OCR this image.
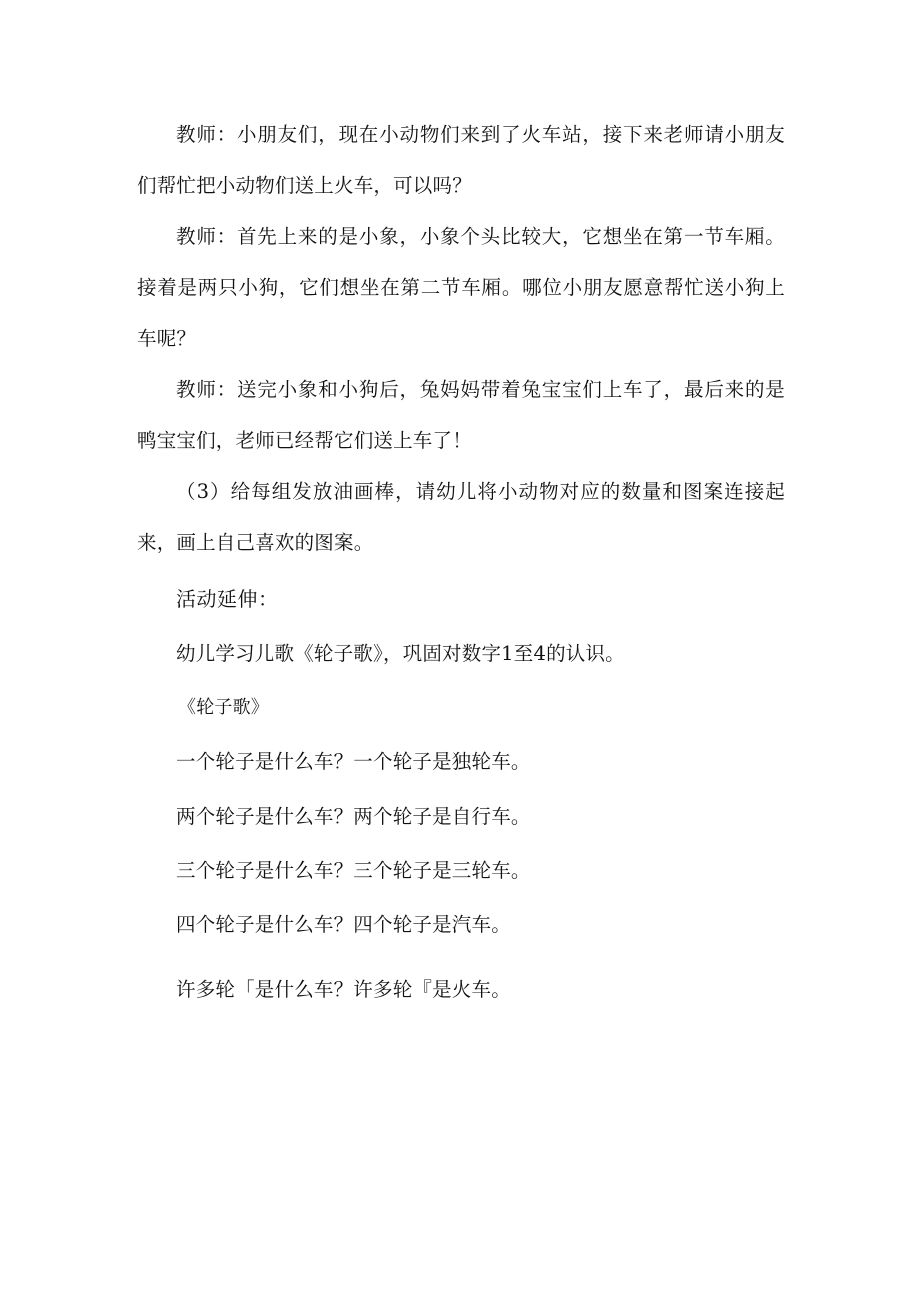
教师：小朋友们，现在小动物们来到了火车站，接下来老师请小朋友们帮忙把小动物们送上火车，可以吗？

教师：首先上来的是小象，小象个头比较大，它想坐在第一节车厢。接着是两只小狗，它们想坐在第二节车厢。哪位小朋友愿意帮忙送小狗上车呢？

教师：送完小象和小狗后，兔妈妈带着兔宝宝们上车了，最后来的是鸭宝宝们，老师已经帮它们送上车了！

（3）给每组发放油画棒，请幼儿将小动物对应的数量和图案连接起来，画上自己喜欢的图案。

活动延伸：

幼儿学习儿歌《轮子歌》，巩固对数字1至4的认识。

《轮子歌》

一个轮子是什么车？一个轮子是独轮车。

两个轮子是什么车？两个轮子是自行车。

三个轮子是什么车？三个轮子是三轮车。

四个轮子是什么车？四个轮子是汽车。

许多轮「是什么车？许多轮『是火车。
